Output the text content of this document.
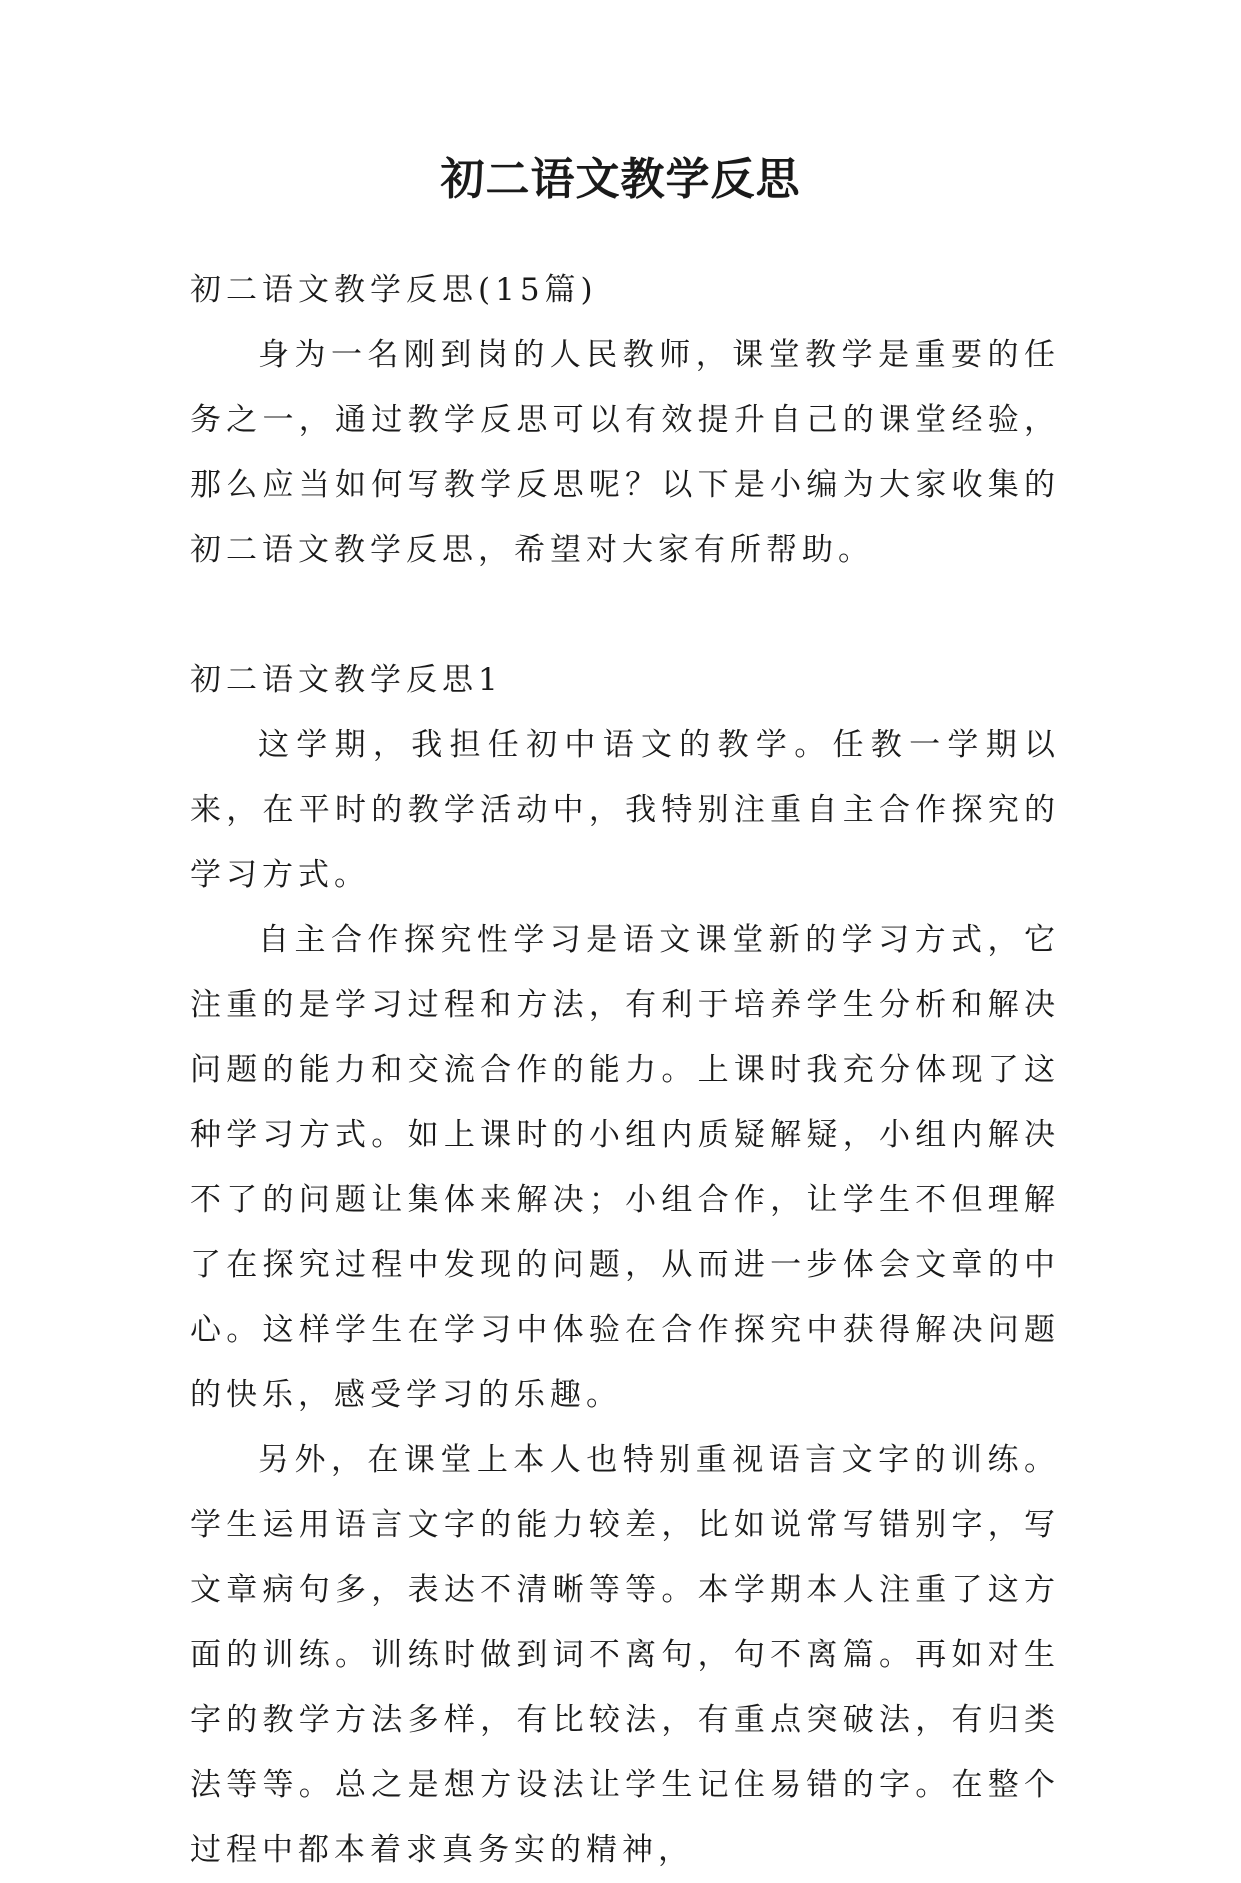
初二语文教学反思

初二语文教学反思(15篇)

身为一名刚到岗的人民教师，课堂教学是重要的任务之一，通过教学反思可以有效提升自己的课堂经验，那么应当如何写教学反思呢？以下是小编为大家收集的初二语文教学反思，希望对大家有所帮助。

初二语文教学反思1

这学期，我担任初中语文的教学。任教一学期以来，在平时的教学活动中，我特别注重自主合作探究的学习方式。

自主合作探究性学习是语文课堂新的学习方式，它注重的是学习过程和方法，有利于培养学生分析和解决问题的能力和交流合作的能力。上课时我充分体现了这种学习方式。如上课时的小组内质疑解疑，小组内解决不了的问题让集体来解决；小组合作，让学生不但理解了在探究过程中发现的问题，从而进一步体会文章的中心。这样学生在学习中体验在合作探究中获得解决问题的快乐，感受学习的乐趣。

另外，在课堂上本人也特别重视语言文字的训练。学生运用语言文字的能力较差，比如说常写错别字，写文章病句多，表达不清晰等等。本学期本人注重了这方面的训练。训练时做到词不离句，句不离篇。再如对生字的教学方法多样，有比较法，有重点突破法，有归类法等等。总之是想方设法让学生记住易错的字。在整个过程中都本着求真务实的精神，
